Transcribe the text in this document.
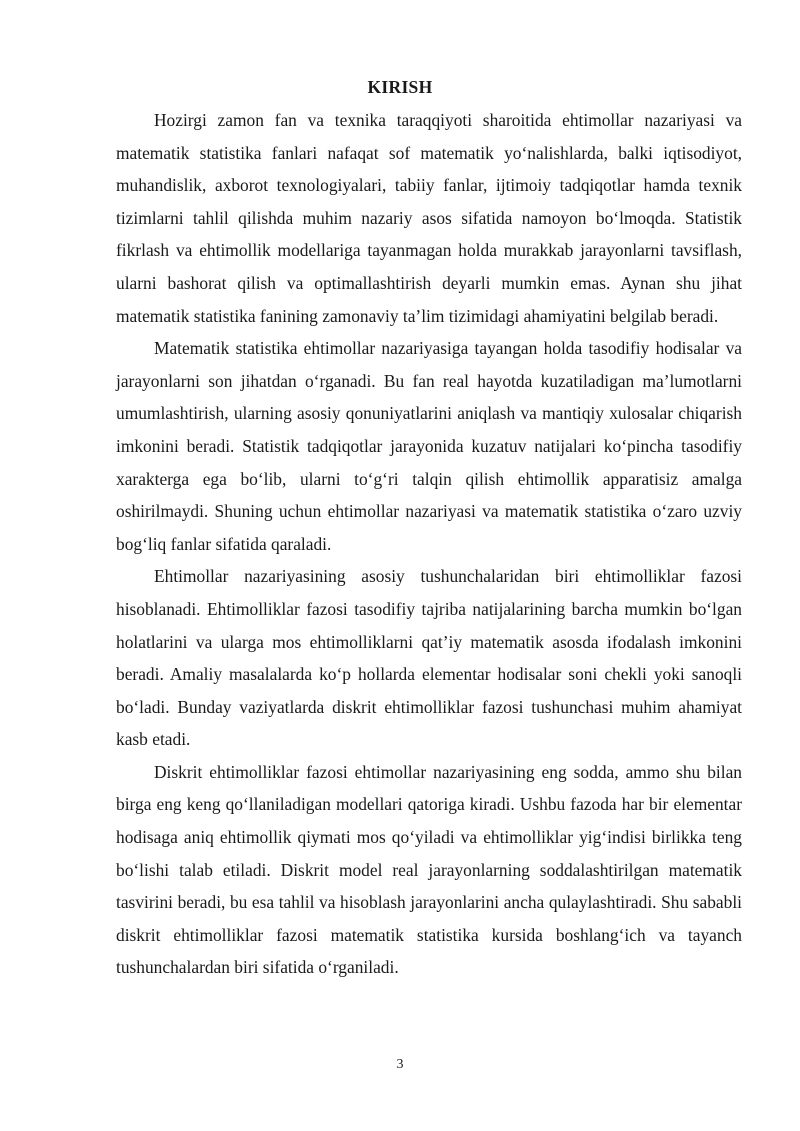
KIRISH

Hozirgi zamon fan va texnika taraqqiyoti sharoitida ehtimollar nazariyasi va matematik statistika fanlari nafaqat sof matematik yo‘nalishlarda, balki iqtisodiyot, muhandislik, axborot texnologiyalari, tabiiy fanlar, ijtimoiy tadqiqotlar hamda texnik tizimlarni tahlil qilishda muhim nazariy asos sifatida namoyon bo‘lmoqda. Statistik fikrlash va ehtimollik modellariga tayanmagan holda murakkab jarayonlarni tavsiflash, ularni bashorat qilish va optimallashtirish deyarli mumkin emas. Aynan shu jihat matematik statistika fanining zamonaviy ta’lim tizimidagi ahamiyatini belgilab beradi.

Matematik statistika ehtimollar nazariyasiga tayangan holda tasodifiy hodisalar va jarayonlarni son jihatdan o‘rganadi. Bu fan real hayotda kuzatiladigan ma’lumotlarni umumlashtirish, ularning asosiy qonuniyatlarini aniqlash va mantiqiy xulosalar chiqarish imkonini beradi. Statistik tadqiqotlar jarayonida kuzatuv natijalari ko‘pincha tasodifiy xarakterga ega bo‘lib, ularni to‘g‘ri talqin qilish ehtimollik apparatisiz amalga oshirilmaydi. Shuning uchun ehtimollar nazariyasi va matematik statistika o‘zaro uzviy bog‘liq fanlar sifatida qaraladi.

Ehtimollar nazariyasining asosiy tushunchalaridan biri ehtimolliklar fazosi hisoblanadi. Ehtimolliklar fazosi tasodifiy tajriba natijalarining barcha mumkin bo‘lgan holatlarini va ularga mos ehtimolliklarni qat’iy matematik asosda ifodalash imkonini beradi. Amaliy masalalarda ko‘p hollarda elementar hodisalar soni chekli yoki sanoqli bo‘ladi. Bunday vaziyatlarda diskrit ehtimolliklar fazosi tushunchasi muhim ahamiyat kasb etadi.

Diskrit ehtimolliklar fazosi ehtimollar nazariyasining eng sodda, ammo shu bilan birga eng keng qo‘llaniladigan modellari qatoriga kiradi. Ushbu fazoda har bir elementar hodisaga aniq ehtimollik qiymati mos qo‘yiladi va ehtimolliklar yig‘indisi birlikka teng bo‘lishi talab etiladi. Diskrit model real jarayonlarning soddalashtirilgan matematik tasvirini beradi, bu esa tahlil va hisoblash jarayonlarini ancha qulaylashtiradi. Shu sababli diskrit ehtimolliklar fazosi matematik statistika kursida boshlang‘ich va tayanch tushunchalardan biri sifatida o‘rganiladi.

3
